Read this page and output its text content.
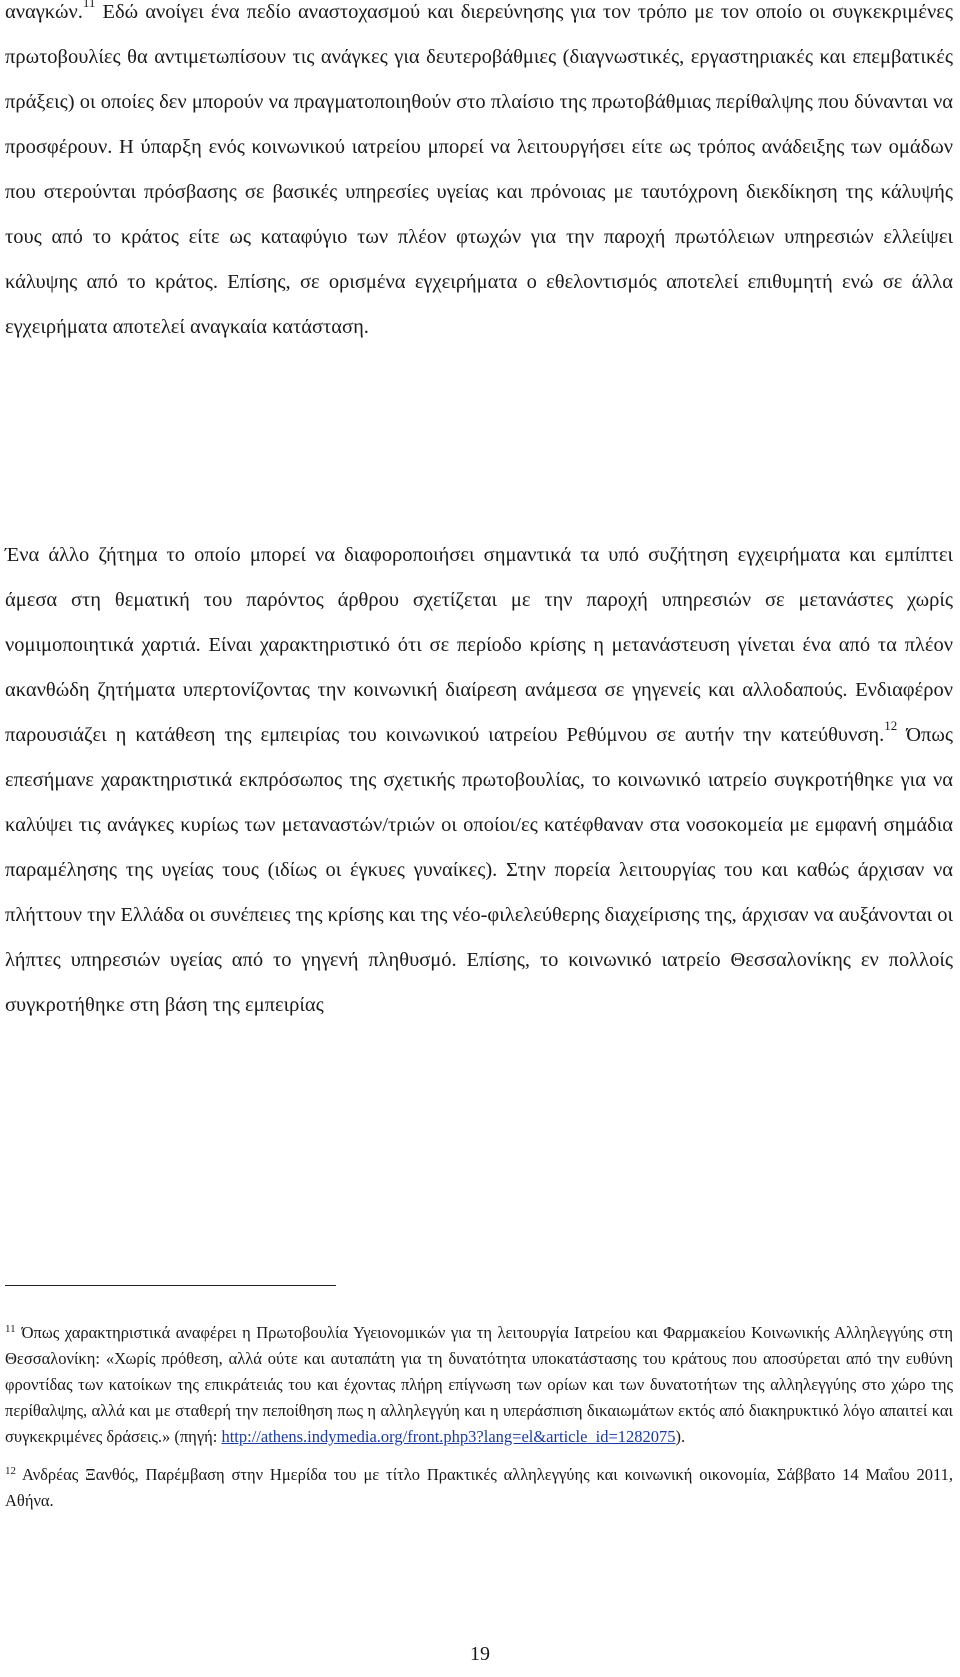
αναγκών.$^{11}$ Εδώ ανοίγει ένα πεδίο αναστοχασμού και διερεύνησης για τον τρόπο με τον οποίο οι συγκεκριμένες πρωτοβουλίες θα αντιμετωπίσουν τις ανάγκες για δευτεροβάθμιες (διαγνωστικές, εργαστηριακές και επεμβατικές πράξεις) οι οποίες δεν μπορούν να πραγματοποιηθούν στο πλαίσιο της πρωτοβάθμιας περίθαλψης που δύνανται να προσφέρουν. Η ύπαρξη ενός κοινωνικού ιατρείου μπορεί να λειτουργήσει είτε ως τρόπος ανάδειξης των ομάδων που στερούνται πρόσβασης σε βασικές υπηρεσίες υγείας και πρόνοιας με ταυτόχρονη διεκδίκηση της κάλυψής τους από το κράτος είτε ως καταφύγιο των πλέον φτωχών για την παροχή πρωτόλειων υπηρεσιών ελλείψει κάλυψης από το κράτος. Επίσης, σε ορισμένα εγχειρήματα ο εθελοντισμός αποτελεί επιθυμητή ενώ σε άλλα εγχειρήματα αποτελεί αναγκαία κατάσταση.

Ένα άλλο ζήτημα το οποίο μπορεί να διαφοροποιήσει σημαντικά τα υπό συζήτηση εγχειρήματα και εμπίπτει άμεσα στη θεματική του παρόντος άρθρου σχετίζεται με την παροχή υπηρεσιών σε μετανάστες χωρίς νομιμοποιητικά χαρτιά. Είναι χαρακτηριστικό ότι σε περίοδο κρίσης η μετανάστευση γίνεται ένα από τα πλέον ακανθώδη ζητήματα υπερτονίζοντας την κοινωνική διαίρεση ανάμεσα σε γηγενείς και αλλοδαπούς. Ενδιαφέρον παρουσιάζει η κατάθεση της εμπειρίας του κοινωνικού ιατρείου Ρεθύμνου σε αυτήν την κατεύθυνση.$^{12}$ Όπως επεσήμανε χαρακτηριστικά εκπρόσωπος της σχετικής πρωτοβουλίας, το κοινωνικό ιατρείο συγκροτήθηκε για να καλύψει τις ανάγκες κυρίως των μεταναστών/τριών οι οποίοι/ες κατέφθαναν στα νοσοκομεία με εμφανή σημάδια παραμέλησης της υγείας τους (ιδίως οι έγκυες γυναίκες). Στην πορεία λειτουργίας του και καθώς άρχισαν να πλήττουν την Ελλάδα οι συνέπειες της κρίσης και της νέο-φιλελεύθερης διαχείρισης της, άρχισαν να αυξάνονται οι λήπτες υπηρεσιών υγείας από το γηγενή πληθυσμό. Επίσης, το κοινωνικό ιατρείο Θεσσαλονίκης εν πολλοίς συγκροτήθηκε στη βάση της εμπειρίας

$^{11}$ Όπως χαρακτηριστικά αναφέρει η Πρωτοβουλία Υγειονομικών για τη λειτουργία Ιατρείου και Φαρμακείου Κοινωνικής Αλληλεγγύης στη Θεσσαλονίκη: «Χωρίς πρόθεση, αλλά ούτε και αυταπάτη για τη δυνατότητα υποκατάστασης του κράτους που αποσύρεται από την ευθύνη φροντίδας των κατοίκων της επικράτειάς του και έχοντας πλήρη επίγνωση των ορίων και των δυνατοτήτων της αλληλεγγύης στο χώρο της περίθαλψης, αλλά και με σταθερή την πεποίθηση πως η αλληλεγγύη και η υπεράσπιση δικαιωμάτων εκτός από διακηρυκτικό λόγο απαιτεί και συγκεκριμένες δράσεις.» (πηγή: http://athens.indymedia.org/front.php3?lang=el&article_id=1282075).

$^{12}$ Ανδρέας Ξανθός, Παρέμβαση στην Ημερίδα του με τίτλο Πρακτικές αλληλεγγύης και κοινωνική οικονομία, Σάββατο 14 Μαΐου 2011, Αθήνα.

19
